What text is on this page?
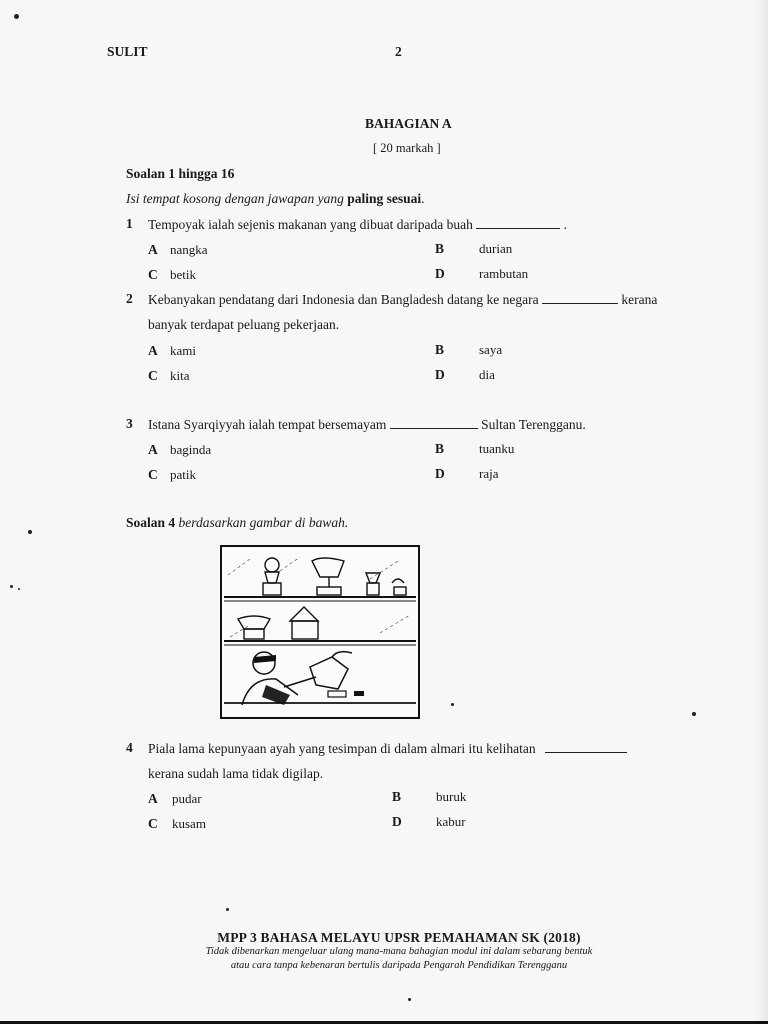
SULIT	2
BAHAGIAN A
[ 20 markah ]
Soalan 1 hingga 16
Isi tempat kosong dengan jawapan yang paling sesuai.
1 Tempoyak ialah sejenis makanan yang dibuat daripada buah	.
A nangka	B	durian
C betik	D	rambutan
2 Kebanyakan pendatang dari Indonesia dan Bangladesh datang ke negara	kerana
banyak terdapat peluang pekerjaan.
A kami	B	saya
C kita	D	dia
3 Istana Syarqiyyah ialah tempat bersemayam	Sultan Terengganu.
A baginda	B	tuanku
C patik	D	raja
Soalan 4 berdasarkan gambar di bawah.
4 Piala lama kepunyaan ayah yang tesimpan di dalam almari itu kelihatan
kerana sudah lama tidak digilap.
A pudar	B	buruk
C kusam	D	kabur
MPP 3 BAHASA MELAYU UPSR PEMAHAMAN SK (2018)
Tidak dibenarkan mengeluar ulang mana-mana bahagian modul ini dalam sebarang bentuk
atau cara tanpa kebenaran bertulis daripada Pengarah Pendidikan Terengganu
